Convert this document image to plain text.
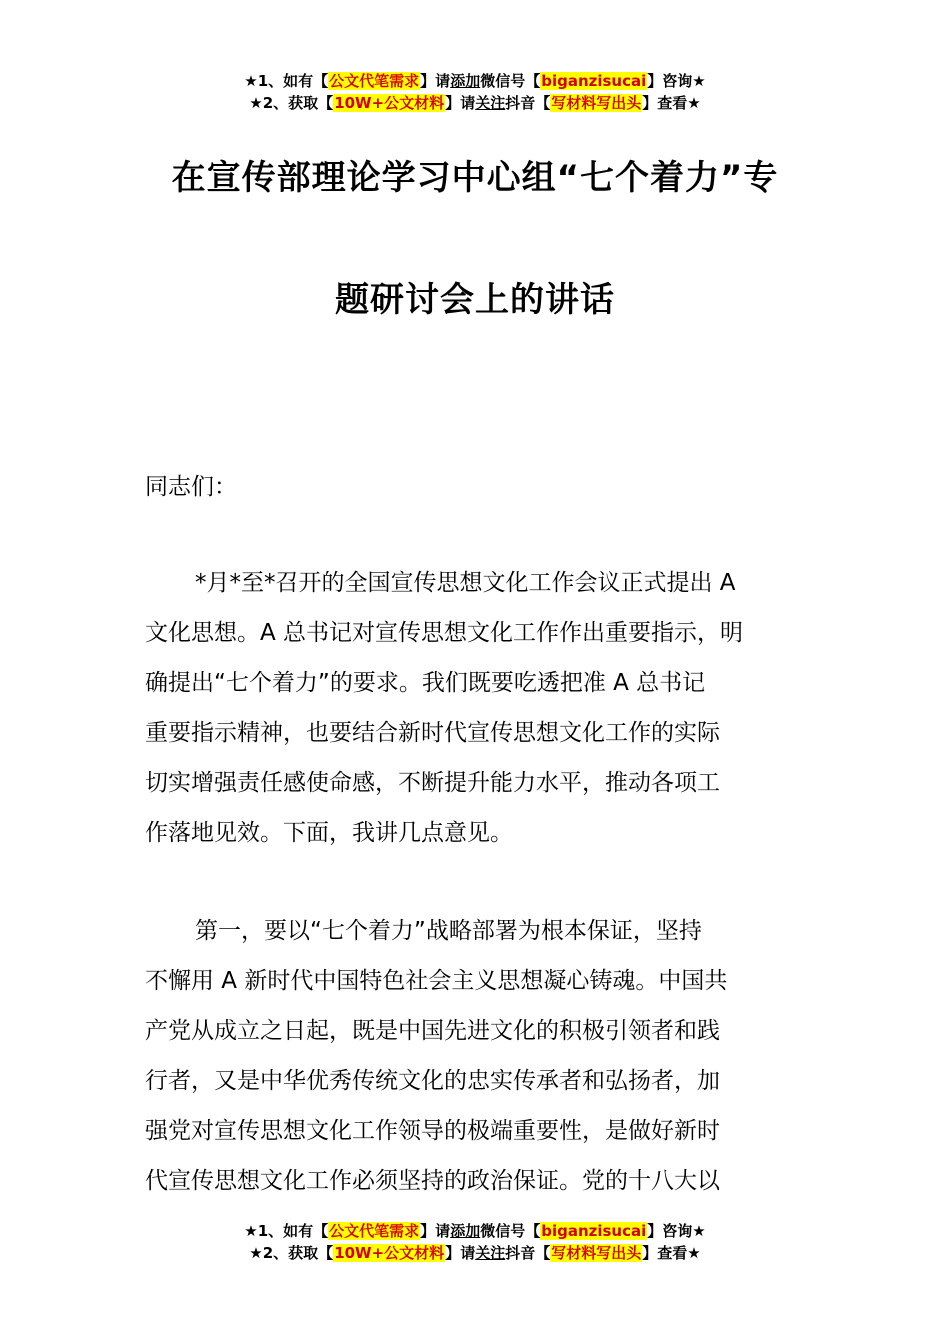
★1、如有【公文代笔需求】请添加微信号【biganzisucai】咨询★
★2、获取【10W+公文材料】请关注抖音【写材料写出头】查看★
在宣传部理论学习中心组“七个着力”专
题研讨会上的讲话
同志们：
*月*至*召开的全国宣传思想文化工作会议正式提出 A
文化思想。A 总书记对宣传思想文化工作作出重要指示，明
确提出“七个着力”的要求。我们既要吃透把准 A 总书记
重要指示精神，也要结合新时代宣传思想文化工作的实际
切实增强责任感使命感，不断提升能力水平，推动各项工
作落地见效。下面，我讲几点意见。
第一，要以“七个着力”战略部署为根本保证，坚持
不懈用 A 新时代中国特色社会主义思想凝心铸魂。中国共
产党从成立之日起，既是中国先进文化的积极引领者和践
行者，又是中华优秀传统文化的忠实传承者和弘扬者，加
强党对宣传思想文化工作领导的极端重要性，是做好新时
代宣传思想文化工作必须坚持的政治保证。党的十八大以
★1、如有【公文代笔需求】请添加微信号【biganzisucai】咨询★
★2、获取【10W+公文材料】请关注抖音【写材料写出头】查看★
